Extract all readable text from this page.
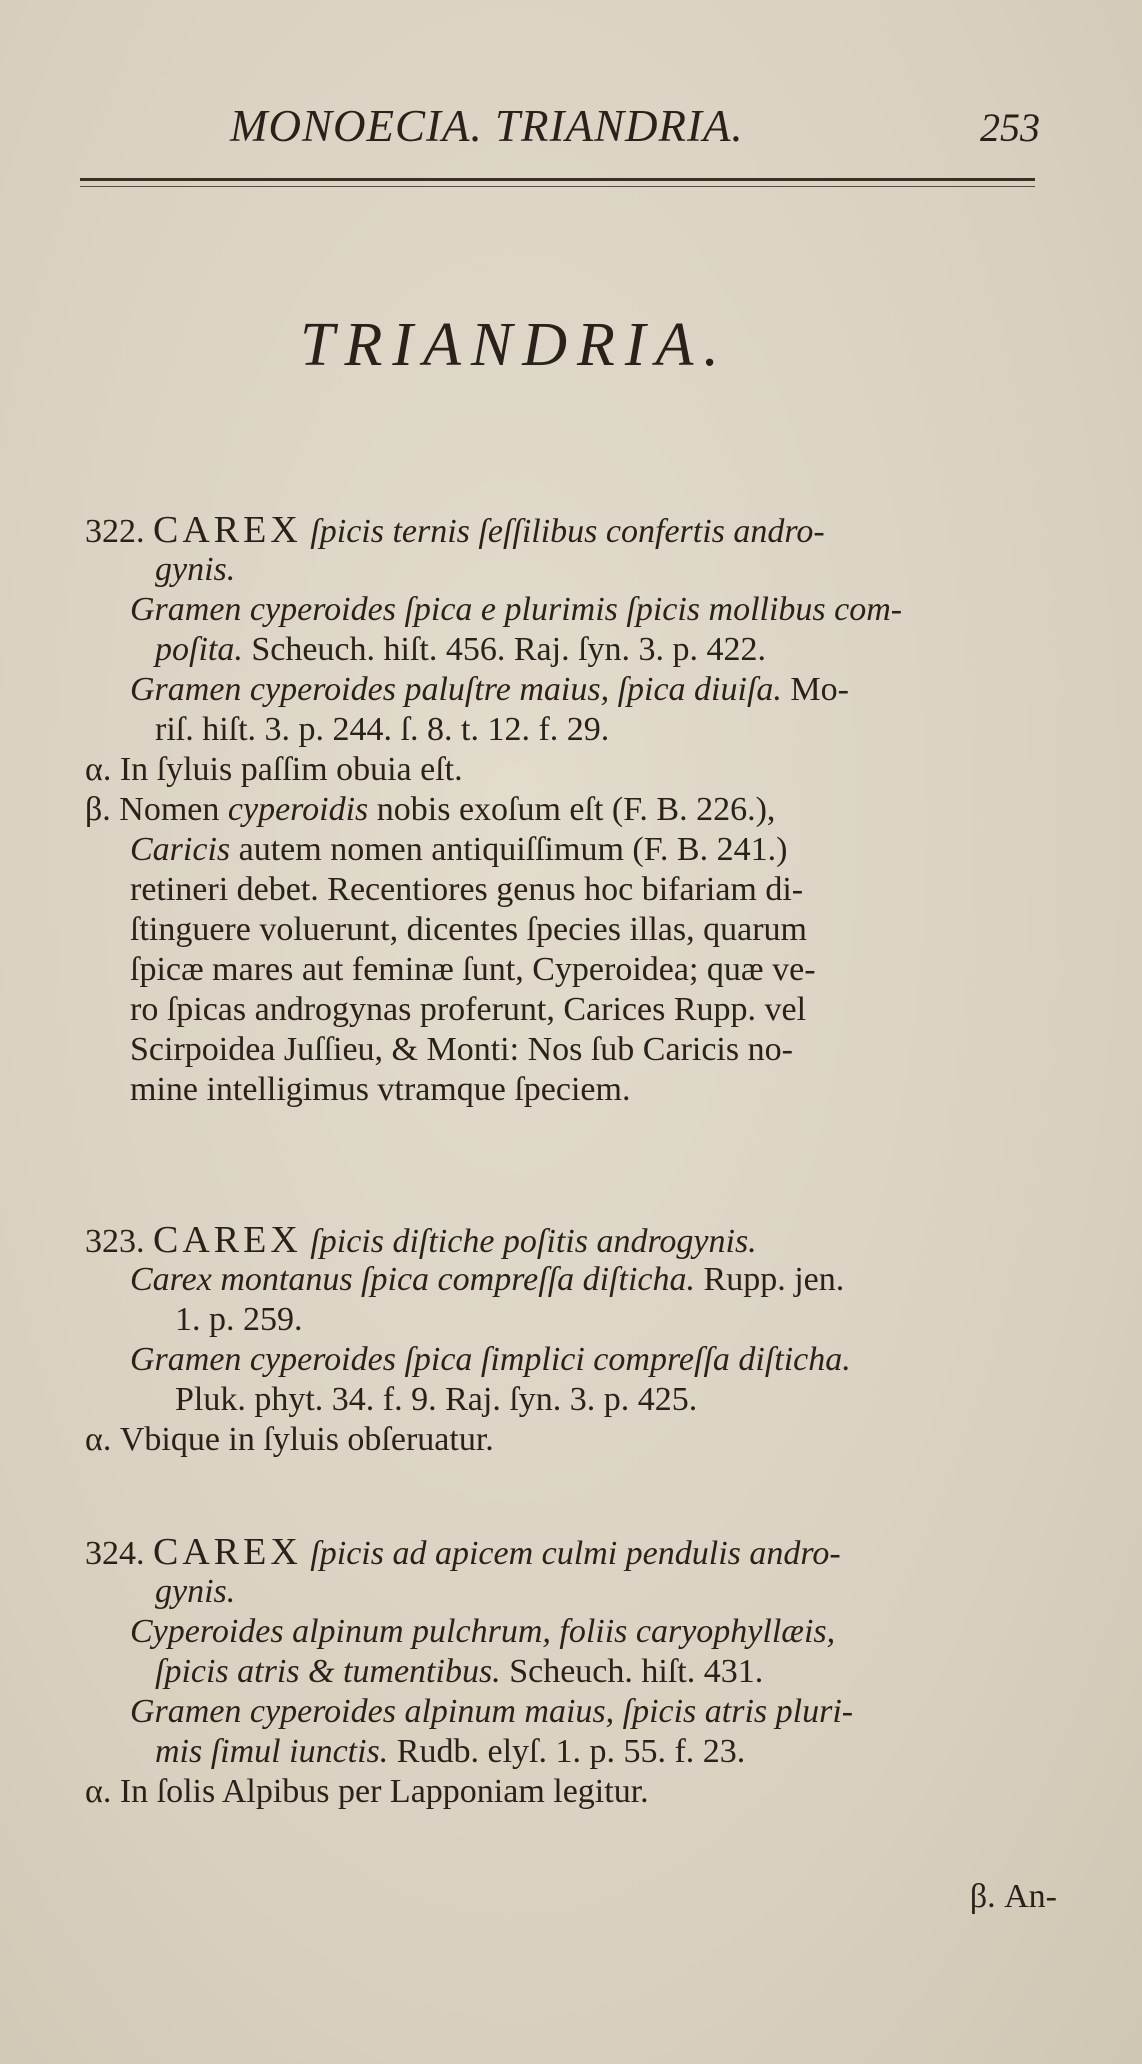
MONOECIA. TRIANDRIA.	253
TRIANDRIA.
322. CAREX ſpicis ternis ſeſſilibus confertis andro-
gynis.
Gramen cyperoides ſpica e plurimis ſpicis mollibus com-
poſita. Scheuch. hiſt. 456. Raj. ſyn. 3. p. 422.
Gramen cyperoides paluſtre maius, ſpica diuiſa. Mo-
riſ. hiſt. 3. p. 244. ſ. 8. t. 12. f. 29.
α. In ſyluis paſſim obuia eſt.
β. Nomen cyperoidis nobis exoſum eſt (F. B. 226.),
Caricis autem nomen antiquiſſimum (F. B. 241.)
retineri debet. Recentiores genus hoc bifariam di-
ſtinguere voluerunt, dicentes ſpecies illas, quarum
ſpicæ mares aut feminæ ſunt, Cyperoidea; quæ ve-
ro ſpicas androgynas proferunt, Carices Rupp. vel
Scirpoidea Juſſieu, & Monti: Nos ſub Caricis no-
mine intelligimus vtramque ſpeciem.
323. CAREX ſpicis diſtiche poſitis androgynis.
Carex montanus ſpica compreſſa diſticha. Rupp. jen.
1. p. 259.
Gramen cyperoides ſpica ſimplici compreſſa diſticha.
Pluk. phyt. 34. f. 9. Raj. ſyn. 3. p. 425.
α. Vbique in ſyluis obſeruatur.
324. CAREX ſpicis ad apicem culmi pendulis andro-
gynis.
Cyperoides alpinum pulchrum, foliis caryophyllæis,
ſpicis atris & tumentibus. Scheuch. hiſt. 431.
Gramen cyperoides alpinum maius, ſpicis atris pluri-
mis ſimul iunctis. Rudb. elyſ. 1. p. 55. f. 23.
α. In ſolis Alpibus per Lapponiam legitur.
β. An-
